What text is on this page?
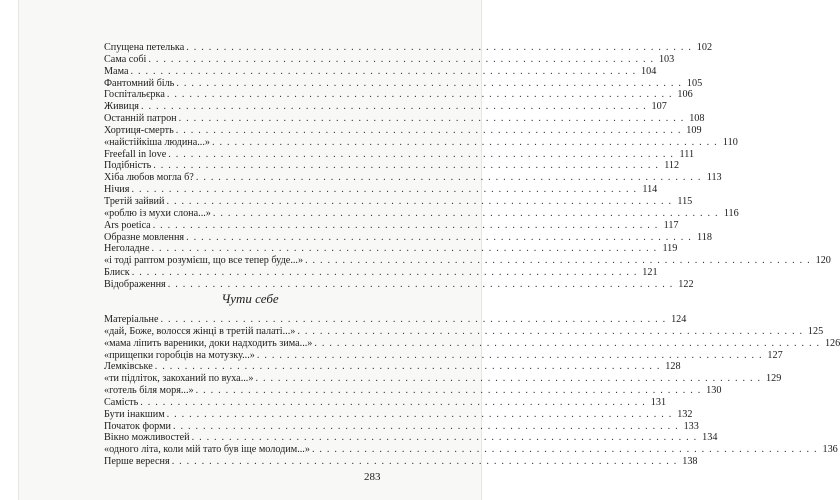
Спущена петелька . . .	102
Сама собі . . .	103
Мама . . .	104
Фантомний біль . . .	105
Госпітальєрка . . .	106
Живиця . . .	107
Останній патрон . . .	108
Хортиця-смерть . . .	109
«найстійкіша людина...» . . .	110
Freefall in love . . .	111
Подібність . . .	112
Хіба любов могла б? . . .	113
Нічия . . .	114
Третій зайвий . . .	115
«роблю із мухи слона...» . . .	116
Ars poetica . . .	117
Образне мовлення . . .	118
Неголадне . . .	119
«і тоді раптом розумієш, що все тепер буде...» . . .	120
Блиск . . .	121
Відображення . . .	122
Чути себе
Матеріальне . . .	124
«дай, Боже, волосся жінці в третій палаті...» . . .	125
«мама ліпить вареники, доки надходить зима...» . . .	126
«прищепки горобців на мотузку...» . . .	127
Лемківське . . .	128
«ти підліток, закоханий по вуха...» . . .	129
«готель біля моря...» . . .	130
Самість . . .	131
Бути інакшим . . .	132
Початок форми . . .	133
Вікно можливостей . . .	134
«одного літа, коли мій тато був іще молодим...» . . .	136
Перше вересня . . .	138
283
